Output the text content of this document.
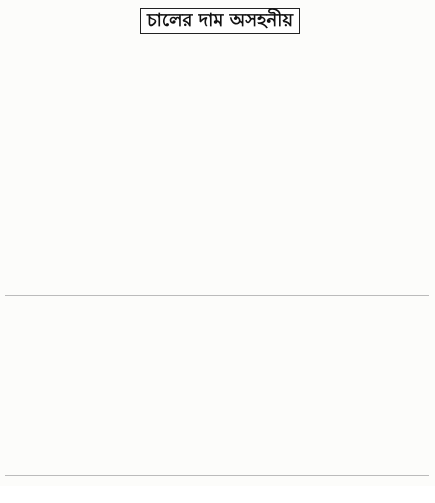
চালের দাম অসহনীয়
